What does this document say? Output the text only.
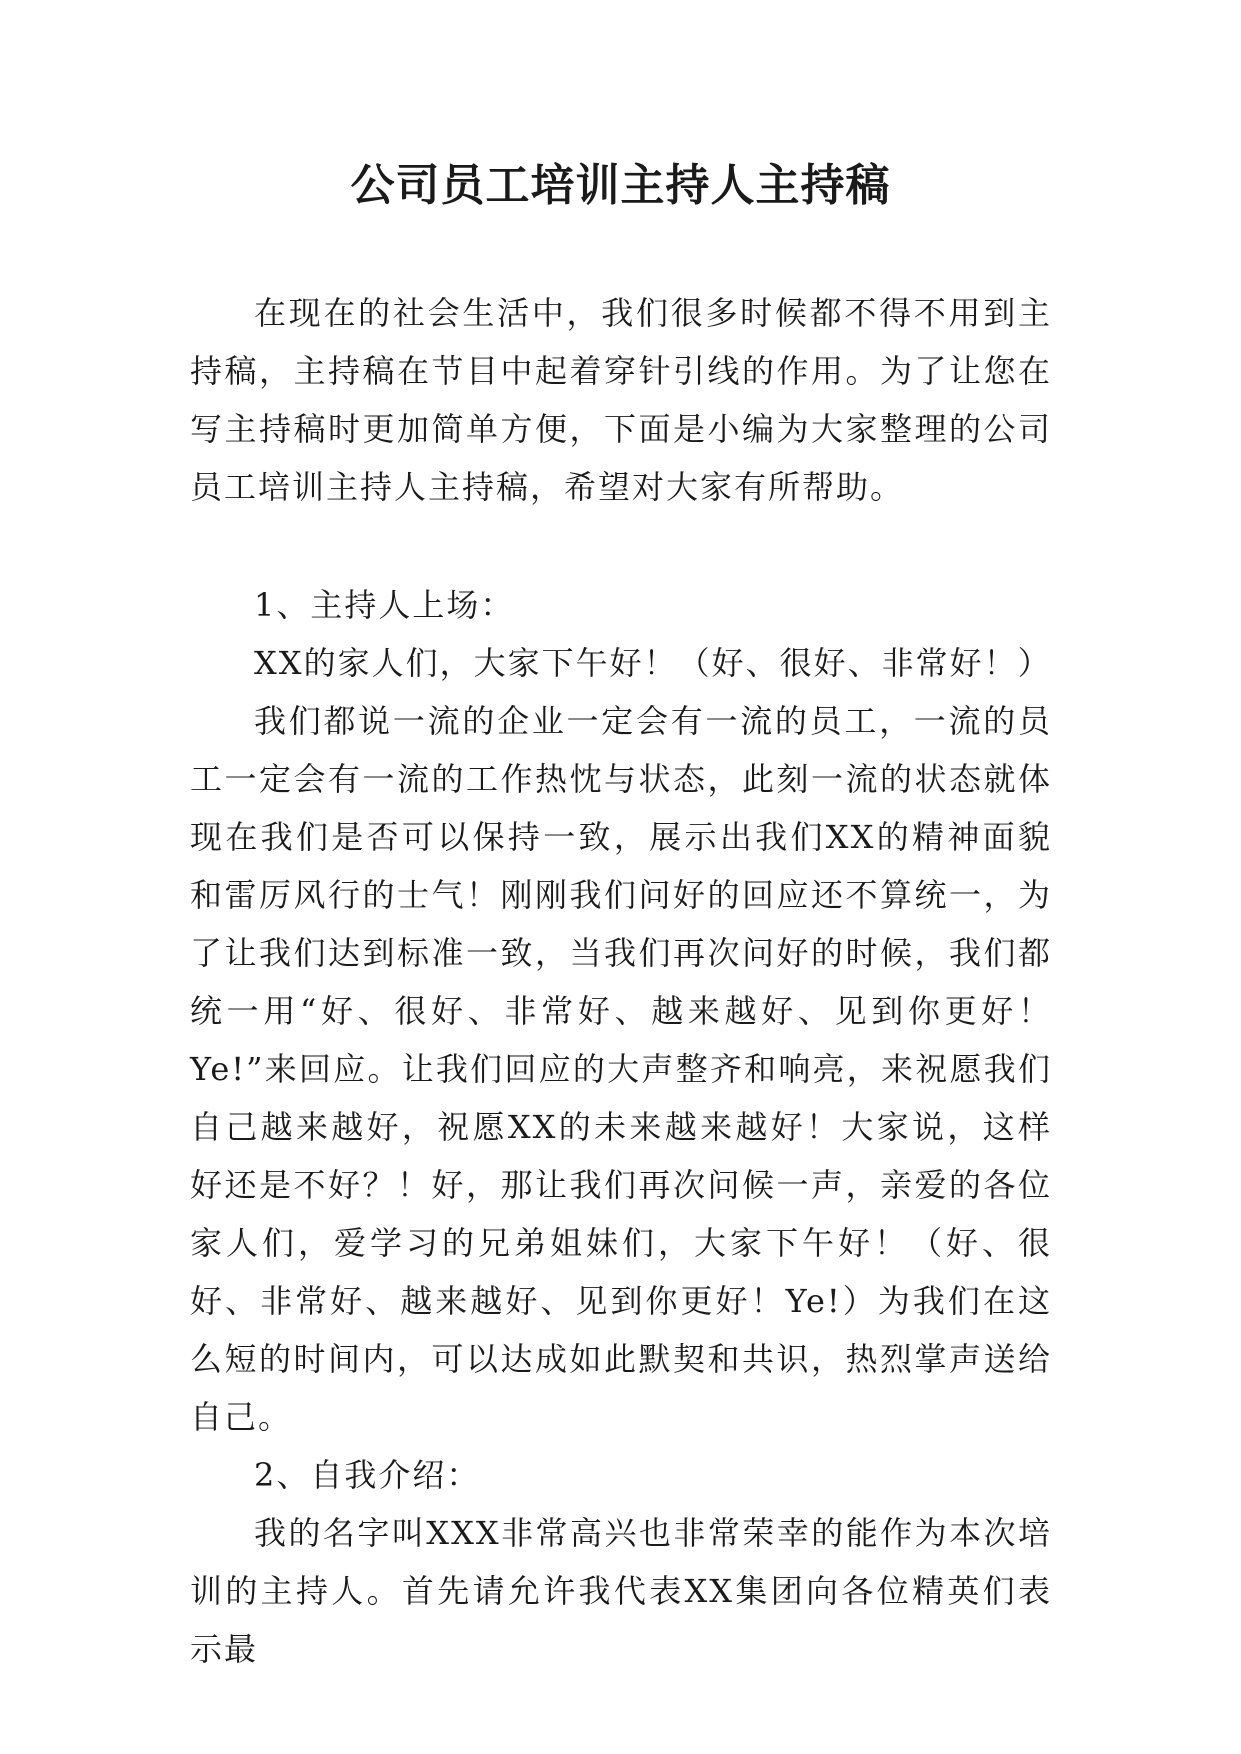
公司员工培训主持人主持稿

在现在的社会生活中，我们很多时候都不得不用到主持稿，主持稿在节目中起着穿针引线的作用。为了让您在写主持稿时更加简单方便，下面是小编为大家整理的公司员工培训主持人主持稿，希望对大家有所帮助。

1、主持人上场：

XX的家人们，大家下午好！（好、很好、非常好！）

我们都说一流的企业一定会有一流的员工，一流的员工一定会有一流的工作热忱与状态，此刻一流的状态就体现在我们是否可以保持一致，展示出我们XX的精神面貌和雷厉风行的士气！刚刚我们问好的回应还不算统一，为了让我们达到标准一致，当我们再次问好的时候，我们都统一用“好、很好、非常好、越来越好、见到你更好！Ye!”来回应。让我们回应的大声整齐和响亮，来祝愿我们自己越来越好，祝愿XX的未来越来越好！大家说，这样好还是不好？！好，那让我们再次问候一声，亲爱的各位家人们，爱学习的兄弟姐妹们，大家下午好！（好、很好、非常好、越来越好、见到你更好！Ye!）为我们在这么短的时间内，可以达成如此默契和共识，热烈掌声送给自己。

2、自我介绍：

我的名字叫XXX非常高兴也非常荣幸的能作为本次培训的主持人。首先请允许我代表XX集团向各位精英们表示最
